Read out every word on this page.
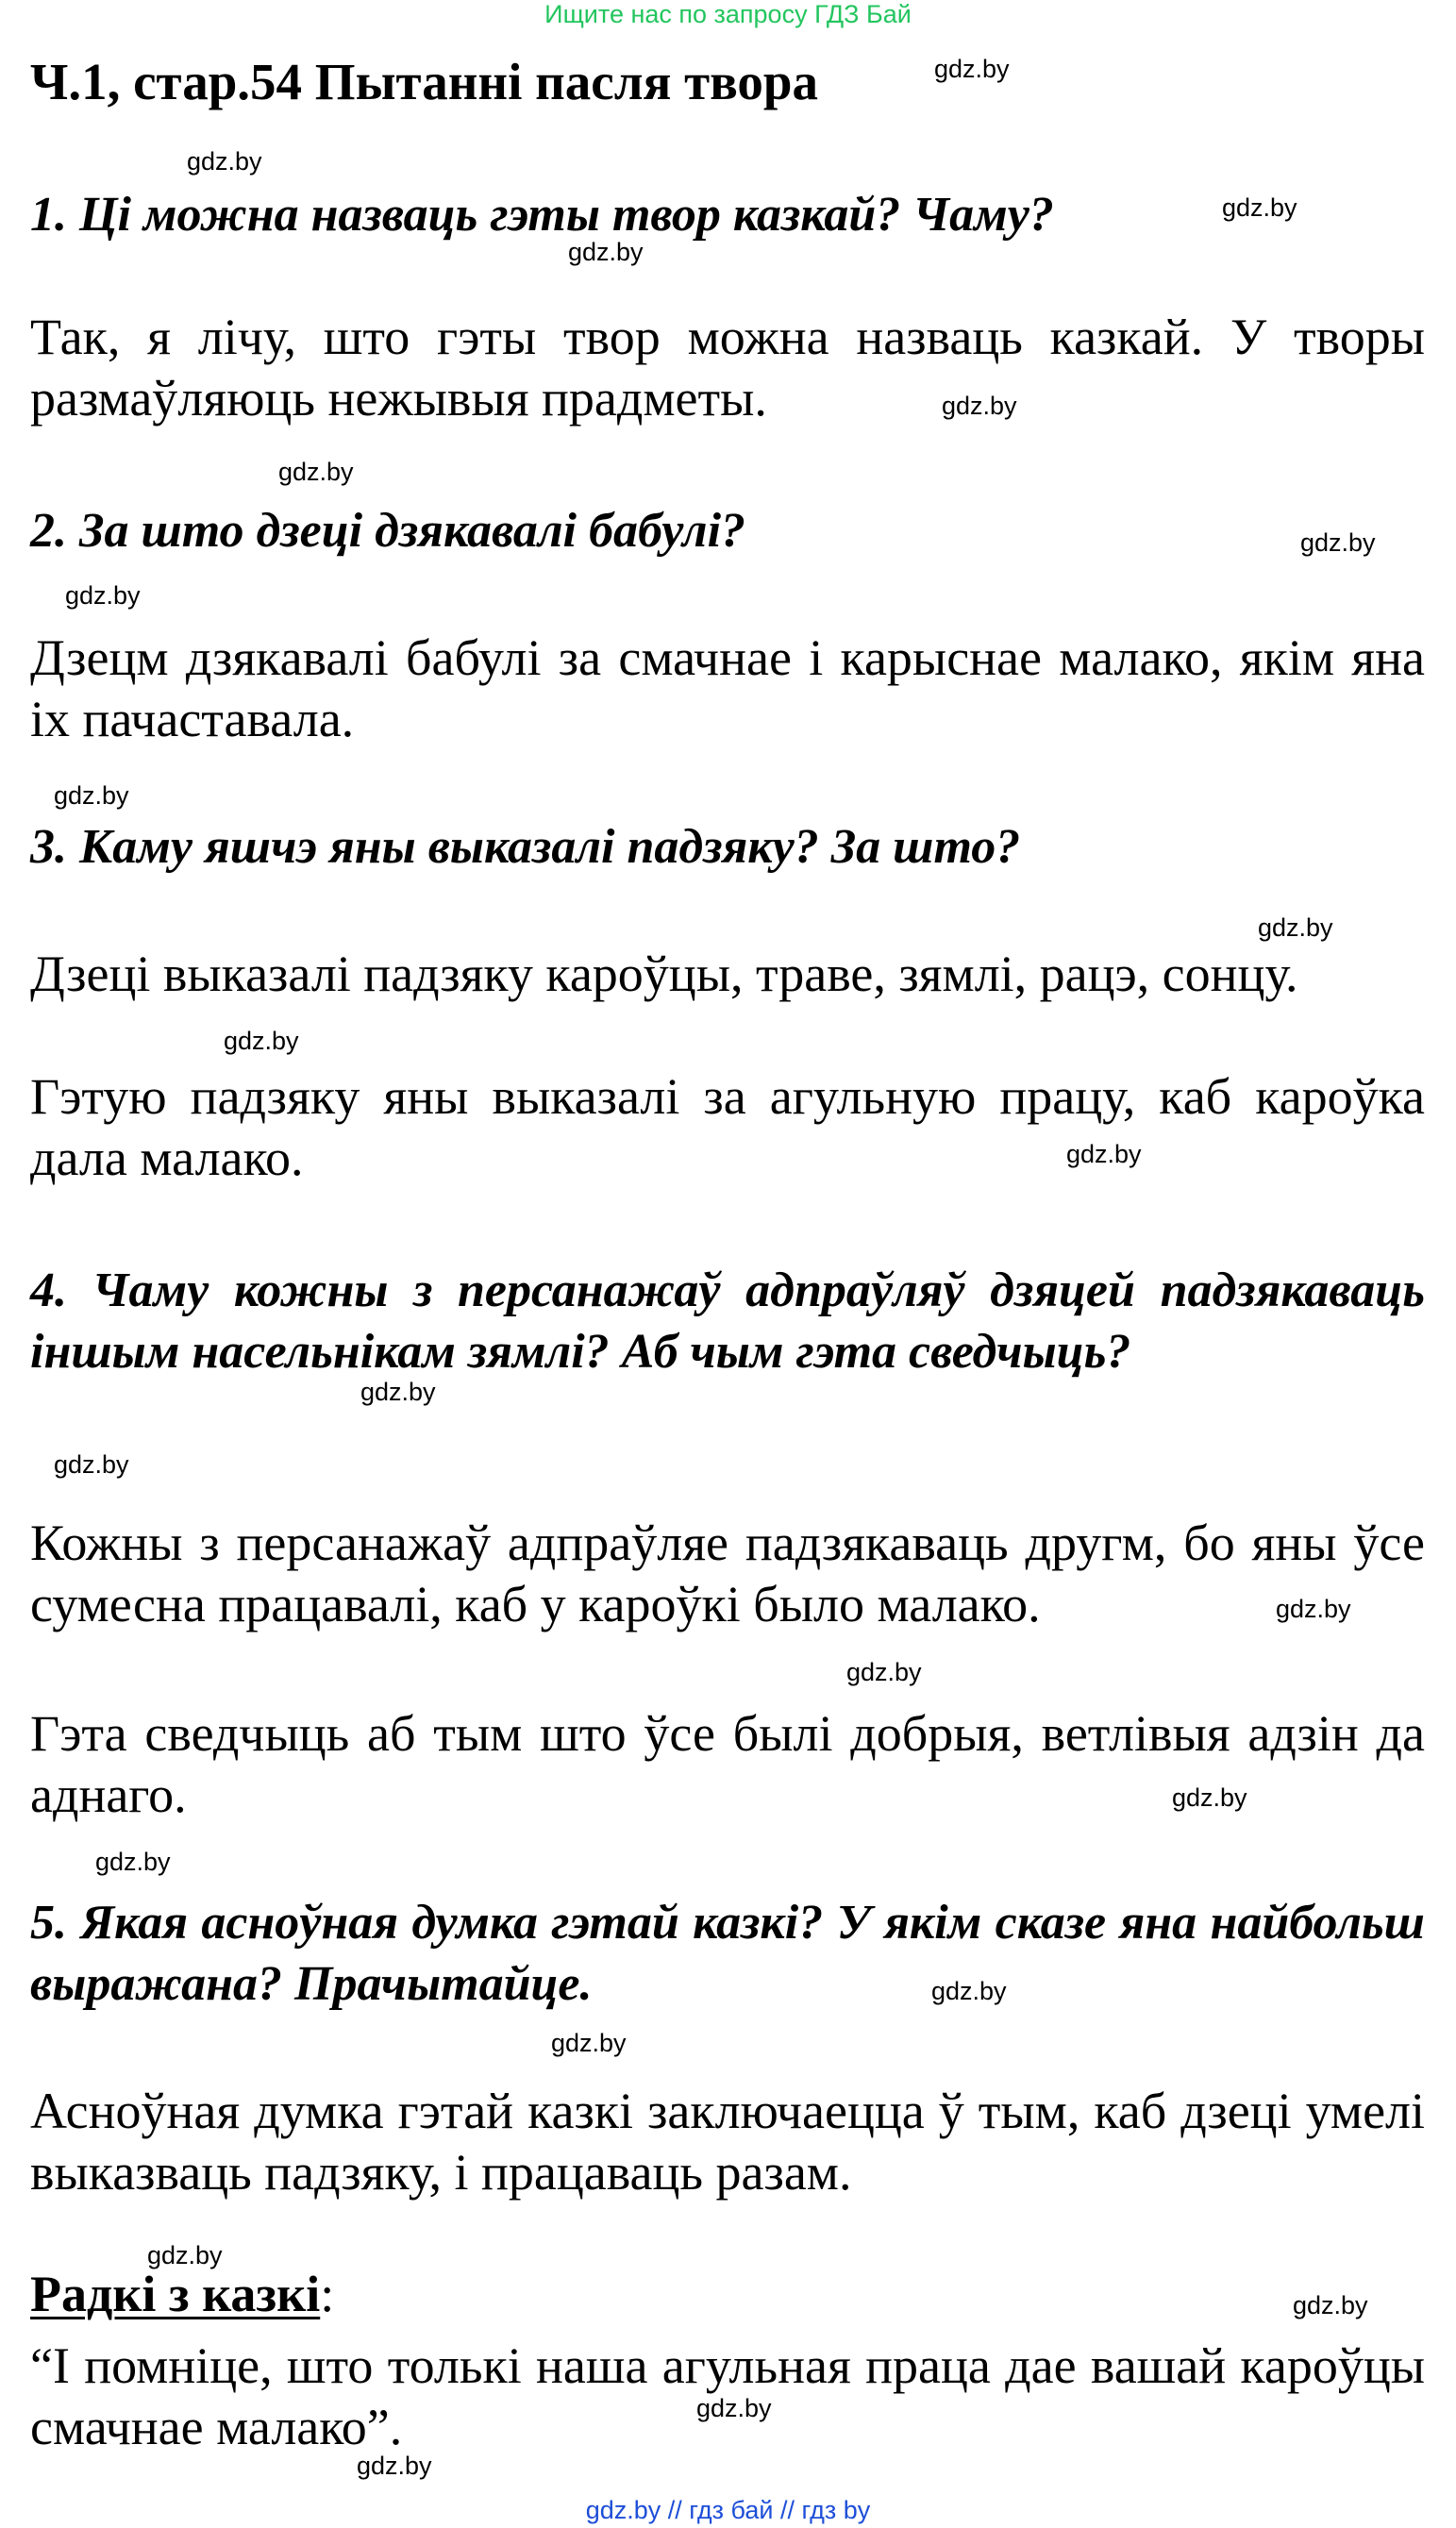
Ищите нас по запросу ГДЗ Бай
Ч.1, стар.54 Пытанні пасля твора
1. Ці можна назваць гэты твор казкай? Чаму?
Так, я лічу, што гэты твор можна назваць казкай. У творы размаўляюць нежывыя прадметы.
2. За што дзеці дзякавалі бабулі?
Дзецм дзякавалі бабулі за смачнае і карыснае малако, якім яна іх пачаставала.
3. Каму яшчэ яны выказалі падзяку? За што?
Дзеці выказалі падзяку кароўцы, траве, зямлі, рацэ, сонцу.
Гэтую падзяку яны выказалі за агульную працу, каб кароўка дала малако.
4. Чаму кожны з персанажаў адпраўляў дзяцей падзякаваць іншым насельнікам зямлі? Аб чым гэта сведчыць?
Кожны з персанажаў адпраўляе падзякаваць другм, бо яны ўсе сумесна працавалі, каб у кароўкі было малако.
Гэта сведчыць аб тым што ўсе былі добрыя, ветлівыя адзін да аднаго.
5. Якая асноўная думка гэтай казкі? У якім сказе яна найбольш выражана? Прачытайце.
Асноўная думка гэтай казкі заключаецца ў тым, каб дзеці умелі выказваць падзяку, і працаваць разам.
Радкі з казкі:
“І помніце, што толькі наша агульная праца дае вашай кароўцы смачнае малако”.
gdz.by
gdz.by
gdz.by
gdz.by
gdz.by
gdz.by
gdz.by
gdz.by
gdz.by
gdz.by
gdz.by
gdz.by
gdz.by
gdz.by
gdz.by
gdz.by
gdz.by
gdz.by
gdz.by
gdz.by
gdz.by
gdz.by
gdz.by
gdz.by
gdz.by // гдз бай // гдз by
